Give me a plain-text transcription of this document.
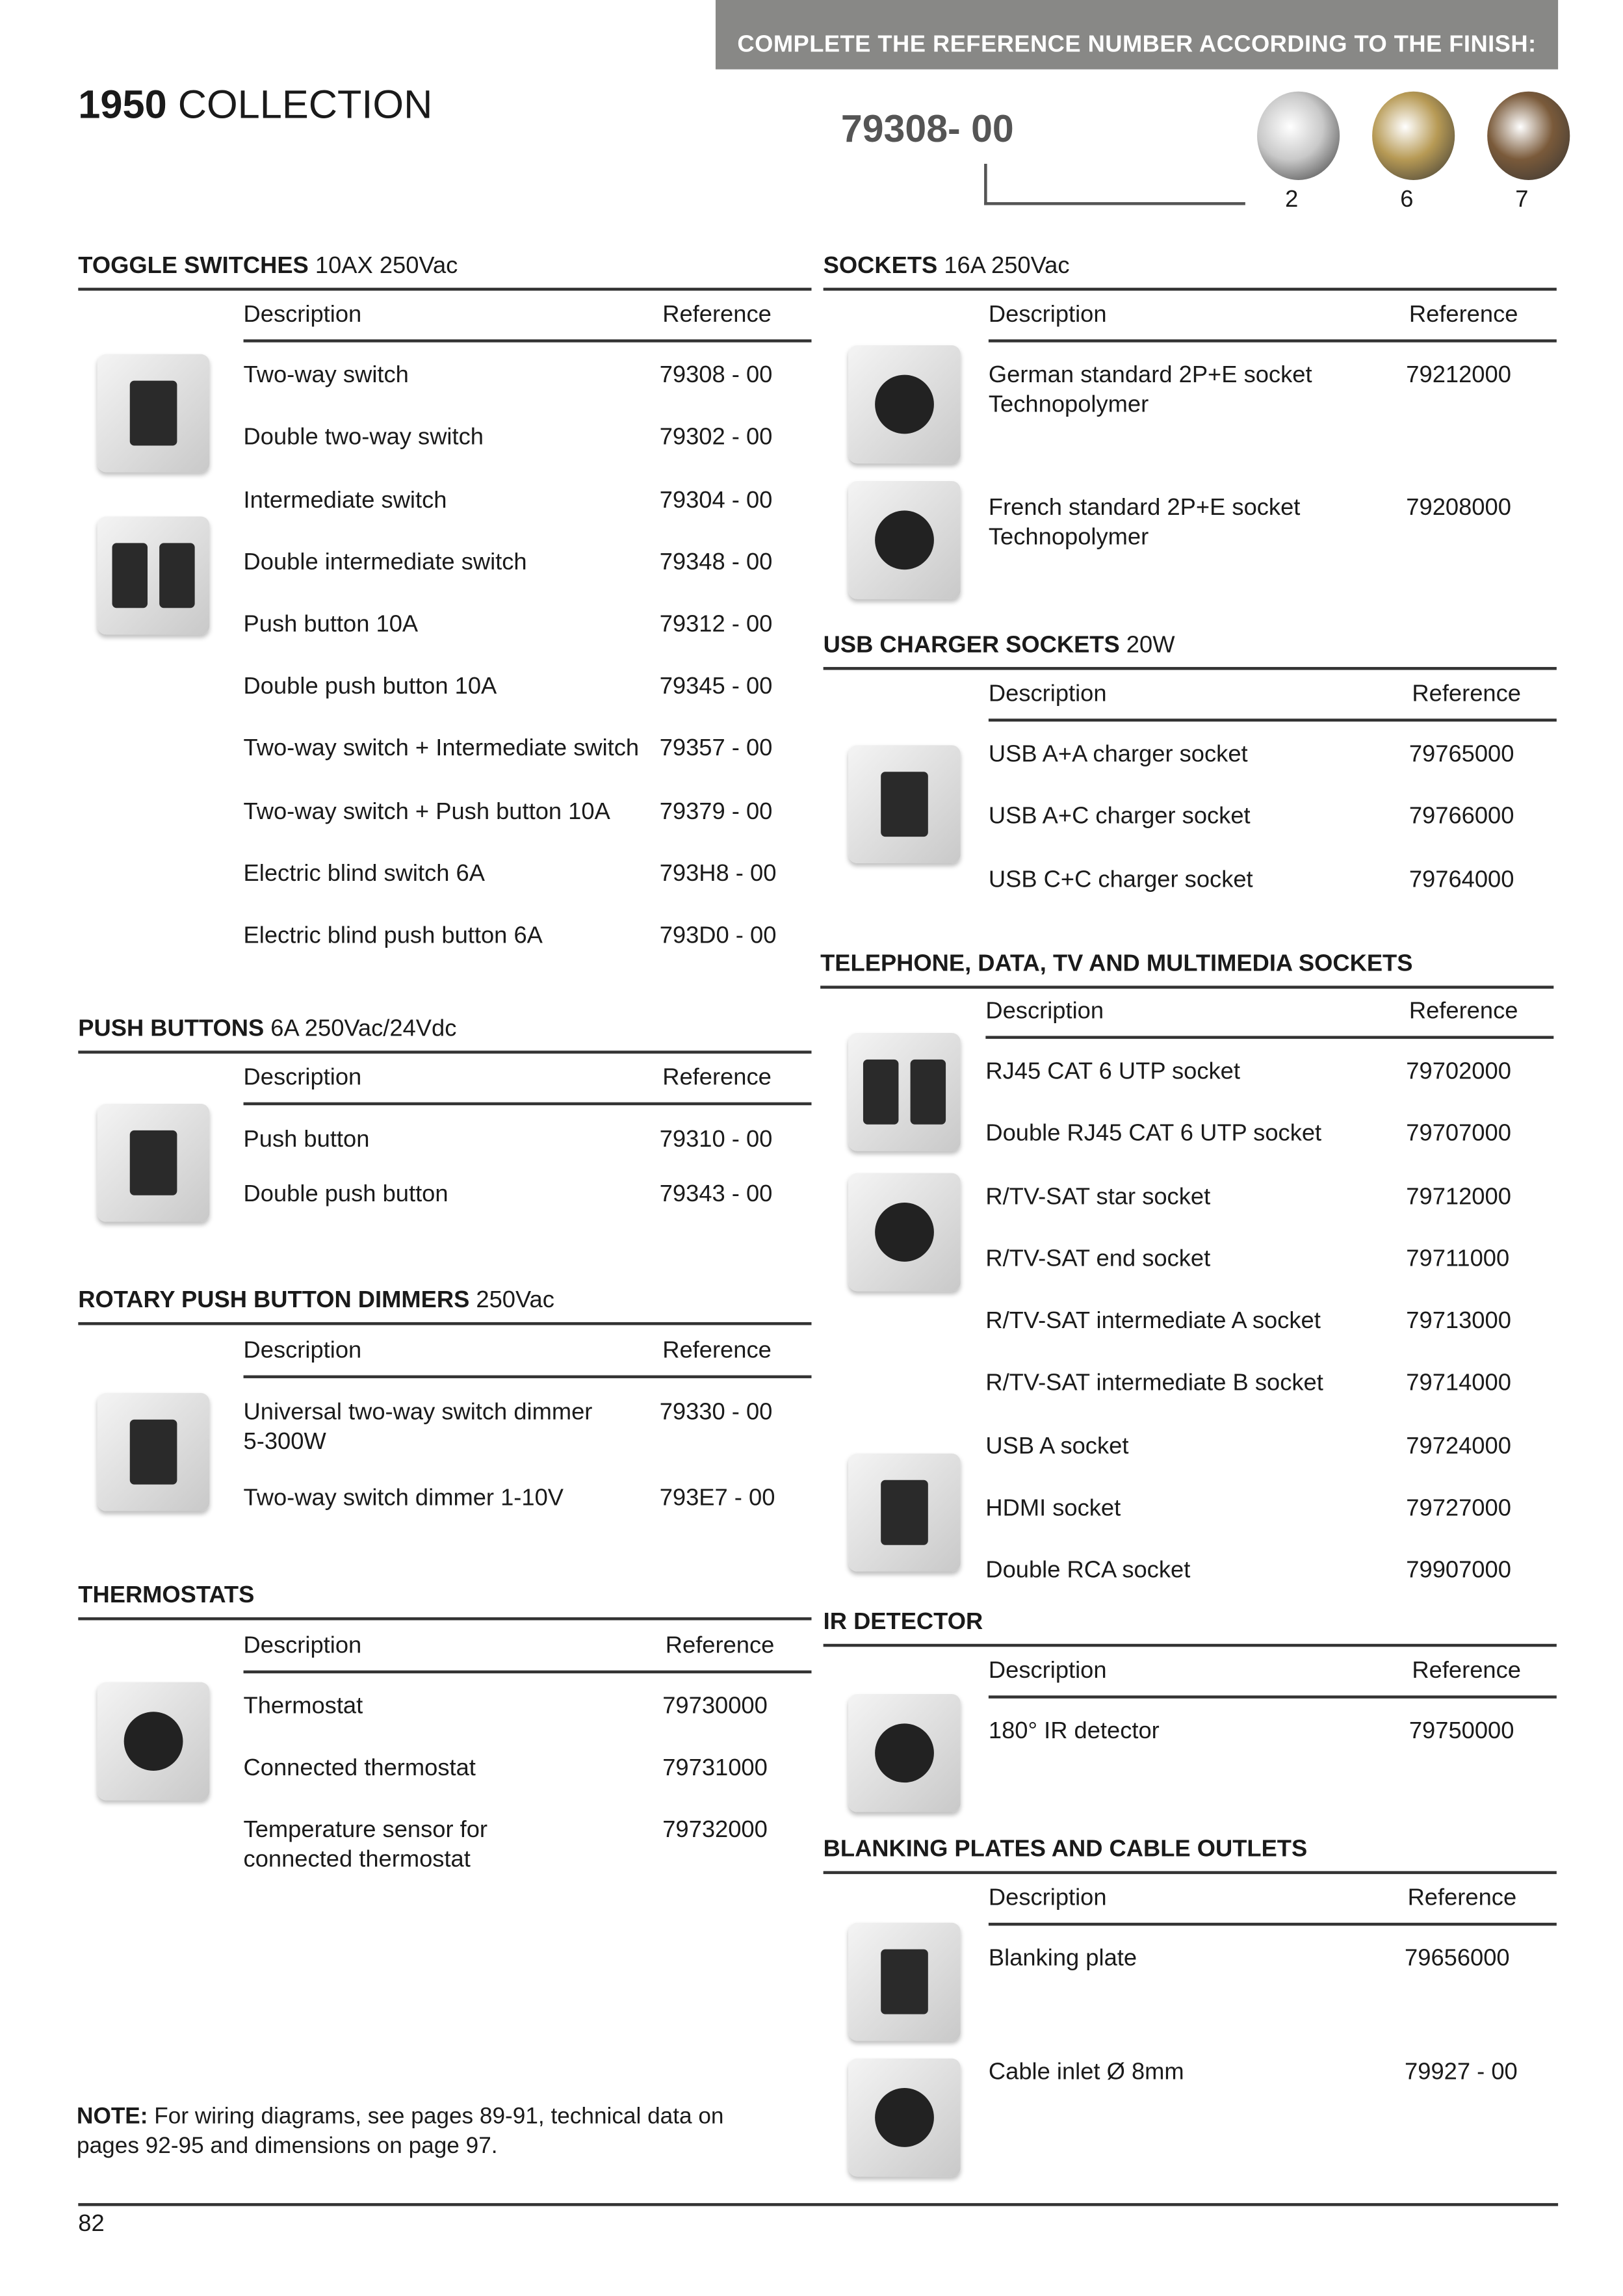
COMPLETE THE REFERENCE NUMBER ACCORDING TO THE FINISH:
1950 COLLECTION
79308- 00
2	6	7
TOGGLE SWITCHES 10AX 250Vac
Description	Reference
Two-way switch	79308 - 00
Double two-way switch	79302 - 00
Intermediate switch	79304 - 00
Double intermediate switch	79348 - 00
Push button 10A	79312 - 00
Double push button 10A	79345 - 00
Two-way switch + Intermediate switch 79357 - 00
Two-way switch + Push button 10A	79379 - 00
Electric blind switch 6A	793H8 - 00
Electric blind push button 6A	793D0 - 00
PUSH BUTTONS 6A 250Vac/24Vdc
Description	Reference
Push button	79310 - 00
Double push button	79343 - 00
ROTARY PUSH BUTTON DIMMERS 250Vac
Description	Reference
Universal two-way switch dimmer
5-300W
79330 - 00
Two-way switch dimmer 1-10V	793E7 - 00
THERMOSTATS
Description	Reference
Thermostat	79730000
Connected thermostat	79731000
Temperature sensor for
connected thermostat
79732000
SOCKETS 16A 250Vac
Description	Reference
German standard 2P+E socket
Technopolymer
79212000
French standard 2P+E socket
Technopolymer
79208000
USB CHARGER SOCKETS 20W
Description	Reference
USB A+A charger socket	79765000
USB A+C charger socket	79766000
USB C+C charger socket	79764000
TELEPHONE, DATA, TV AND MULTIMEDIA SOCKETS
Description	Reference
RJ45 CAT 6 UTP socket	79702000
Double RJ45 CAT 6 UTP socket	79707000
R/TV-SAT star socket	79712000
R/TV-SAT end socket	79711000
R/TV-SAT intermediate A socket	79713000
R/TV-SAT intermediate B socket	79714000
USB A socket	79724000
HDMI socket	79727000
Double RCA socket	79907000
IR DETECTOR
Description	Reference
180° IR detector	79750000
BLANKING PLATES AND CABLE OUTLETS
Description	Reference
Blanking plate	79656000
Cable inlet Ø 8mm	79927 - 00
NOTE: For wiring diagrams, see pages 89-91, technical data on pages 92-95 and dimensions on page 97.
82
